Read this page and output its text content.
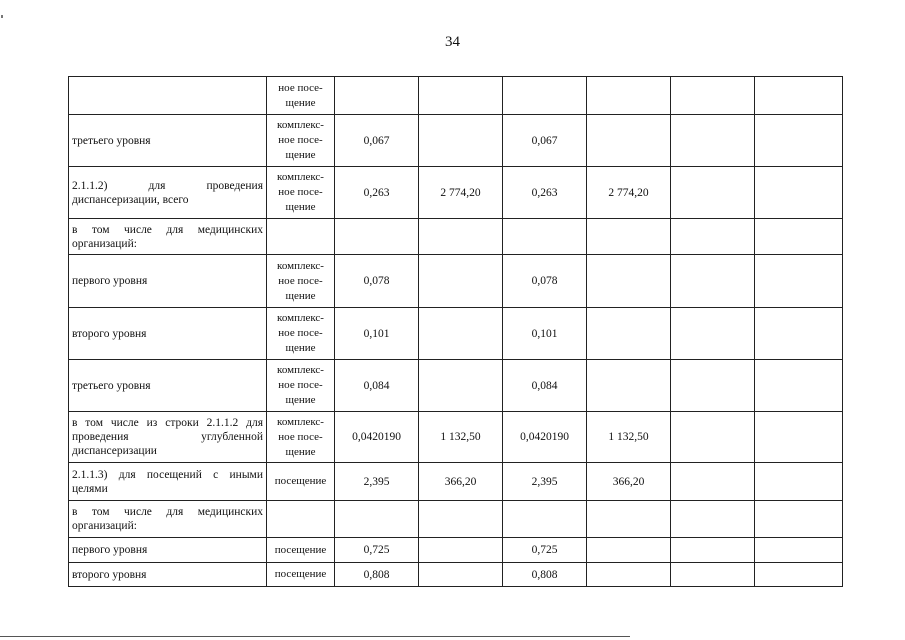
34
	ное посе-
щение						
третьего уровня	комплекс-
ное посе-
щение	0,067		0,067			
2.1.1.2) для проведения диспансеризации, всего	комплекс-
ное посе-
щение	0,263	2 774,20	0,263	2 774,20		
в том числе для медицинских организаций:							
первого уровня	комплекс-
ное посе-
щение	0,078		0,078			
второго уровня	комплекс-
ное посе-
щение	0,101		0,101			
третьего уровня	комплекс-
ное посе-
щение	0,084		0,084			
в том числе из строки 2.1.1.2 для проведения углубленной диспансеризации	комплекс-
ное посе-
щение	0,0420190	1 132,50	0,0420190	1 132,50		
2.1.1.3) для посещений с иными целями	посещение	2,395	366,20	2,395	366,20		
в том числе для медицинских организаций:							
первого уровня	посещение	0,725		0,725			
второго уровня	посещение	0,808		0,808			
